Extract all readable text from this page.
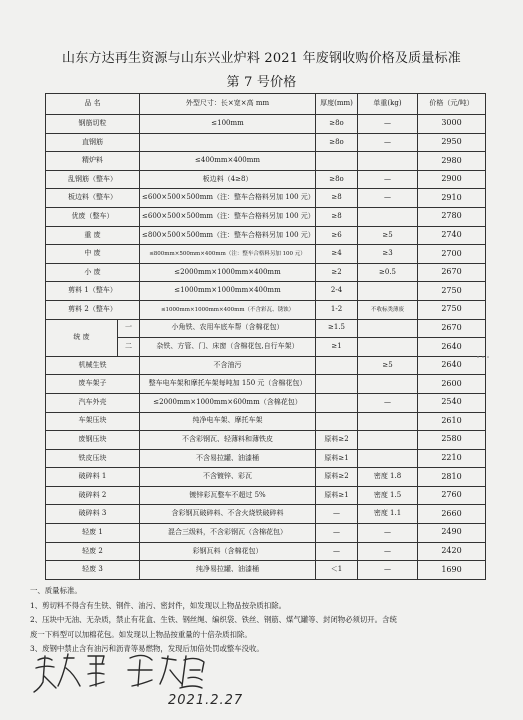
山东方达再生资源与山东兴业炉料 2021 年废钢收购价格及质量标准
第 7 号价格
品 名		外型尺寸：长×宽×高 mm	厚度(mm)	单重(kg)	价格（元/吨）
钢筋切粒		≤100mm	≥8o	—	3000
直钢筋			≥8o	—	2950
精炉料		≤400mm×400mm			2980
乱钢筋（整车）		板边料（4≥8）	≥8o	—	2900
板边料（整车）		≤600×500×500mm（注：整车合格料另加 100 元）	≥8	—	2910
优废（整车）		≤600×500×500mm（注：整车合格料另加 100 元）	≥8		2780
重 废		≤800×500×500mm（注：整车合格料另加 100 元）	≥6	≥5	2740
中 废		≤800mm×500mm×400mm（注：整车合格料另加 100 元）	≥4	≥3	2700
小 废		≤2000mm×1000mm×400mm	≥2	≥0.5	2670
剪料 1（整车）		≤1000mm×1000mm×400mm	2-4		2750
剪料 2（整车）		≤1000mm×1000mm×400mm（不含彩瓦、锈蚀）	1-2	不收标类薄废	2750
统 废	一	小角铁、农用车底车帮（含棉花包）	≥1.5		2670
	二	杂铁、方管、门、床窗（含棉花包,自行车架）	≥1		2640
机械生铁		不含油污		≥5	2640
废车架子		整车电车架和摩托车架每吨加 150 元（含棉花包）			2600
汽车外壳		≤2000mm×1000mm×600mm（含棉花包）		—	2540
车架压块		纯净电车架、摩托车架			2610
废钢压块		不含彩钢瓦、轻薄料和薄铁皮	原料≥2		2580
铁皮压块		不含易拉罐、油漆桶	原料≥1		2210
破碎料 1		不含镀锌、彩瓦	原料≥2	密度 1.8	2810
破碎料 2		镀锌彩瓦整车不超过 5%	原料≥1	密度 1.5	2760
破碎料 3		含彩钢瓦破碎料、不含火烧铁破碎料	—	密度 1.1	2660
轻废 1		混合三级料，不含彩钢瓦（含棉花包）	—	—	2490
轻废 2		彩钢瓦料（含棉花包）	—	—	2420
轻废 3		纯净易拉罐、油漆桶	＜1	—	1690
一、质量标准。
1、剪切料不得含有生铁、钢件、油污、密封件，如发现以上物品按杂质扣除。
2、压块中无油、无杂质，禁止有花盒、生铁、钢丝绳、编织袋、铁丝、钢筋、煤气罐等、封闭物必须切开。含统
废一下料型可以加棉花包。如发现以上物品按重量的十倍杂质扣除。
3、废钢中禁止含有油污和沥青等易燃物，发现后加倍处罚或整车没收。
2021.2.27
